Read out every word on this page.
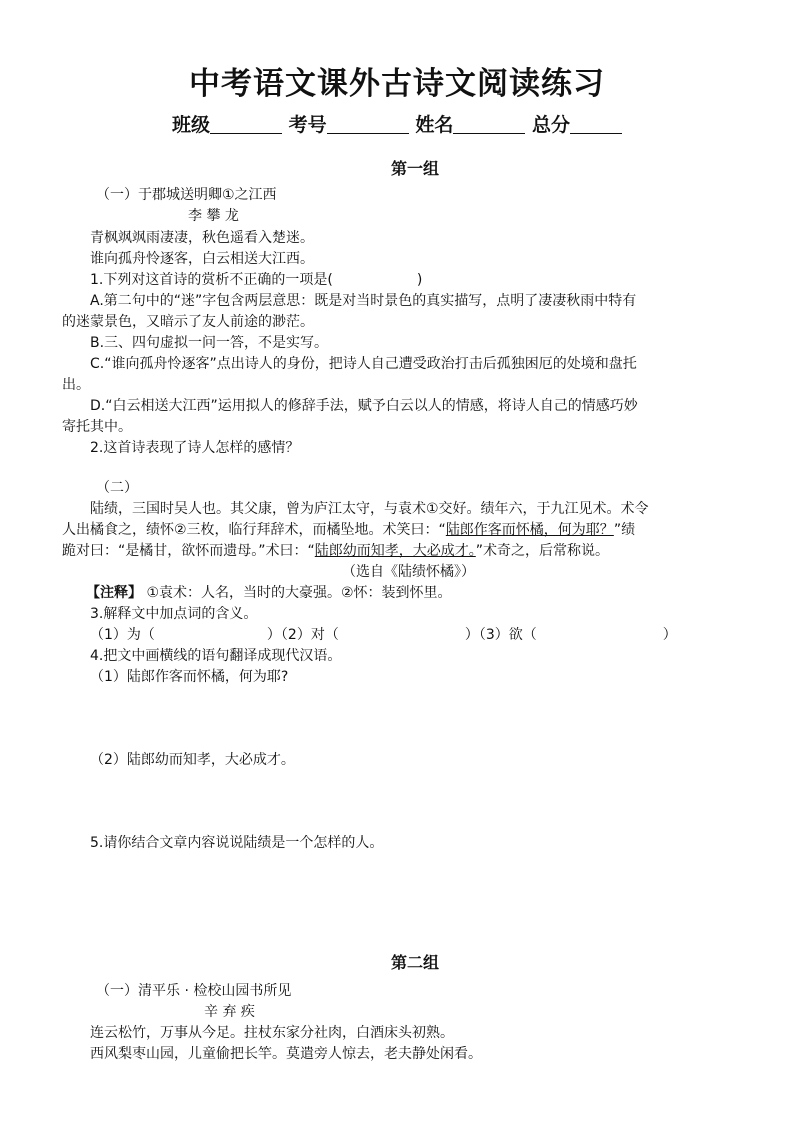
中考语文课外古诗文阅读练习
班级	考号	姓名	总分
第一组
（一）于郡城送明卿①之江西
李 攀 龙
青枫飒飒雨凄凄，秋色遥看入楚迷。
谁向孤舟怜逐客，白云相送大江西。
1.下列对这首诗的赏析不正确的一项是(　　　　　　)
A.第二句中的“迷”字包含两层意思：既是对当时景色的真实描写，点明了凄凄秋雨中特有
的迷蒙景色，又暗示了友人前途的渺茫。
B.三、四句虚拟一问一答，不是实写。
C.“谁向孤舟怜逐客”点出诗人的身份，把诗人自己遭受政治打击后孤独困厄的处境和盘托
出。
D.“白云相送大江西”运用拟人的修辞手法，赋予白云以人的情感，将诗人自己的情感巧妙
寄托其中。
2.这首诗表现了诗人怎样的感情？
（二）
陆绩，三国时吴人也。其父康，曾为庐江太守，与袁术①交好。绩年六，于九江见术。术令
人出橘食之，绩怀②三枚，临行拜辞术，而橘坠地。术笑曰：“陆郎作客而怀橘，何为耶？”绩
跪对曰：“是橘甘，欲怀而遗母。”术曰：“陆郎幼而知孝，大必成才。”术奇之，后常称说。
（选自《陆绩怀橘》）
【注释】 ①袁术：人名，当时的大豪强。②怀：装到怀里。
3.解释文中加点词的含义。
（1）为（　　　　　　　　）（2）对（　　　　　　　　　）（3）欲（　　　　　　　　　）
4.把文中画横线的语句翻译成现代汉语。
（1）陆郎作客而怀橘，何为耶?
（2）陆郎幼而知孝，大必成才。
5.请你结合文章内容说说陆绩是一个怎样的人。
第二组
（一）清平乐 · 检校山园书所见
辛 弃 疾
连云松竹，万事从今足。拄杖东家分社肉，白酒床头初熟。
西风梨枣山园，儿童偷把长竿。莫遣旁人惊去，老夫静处闲看。
